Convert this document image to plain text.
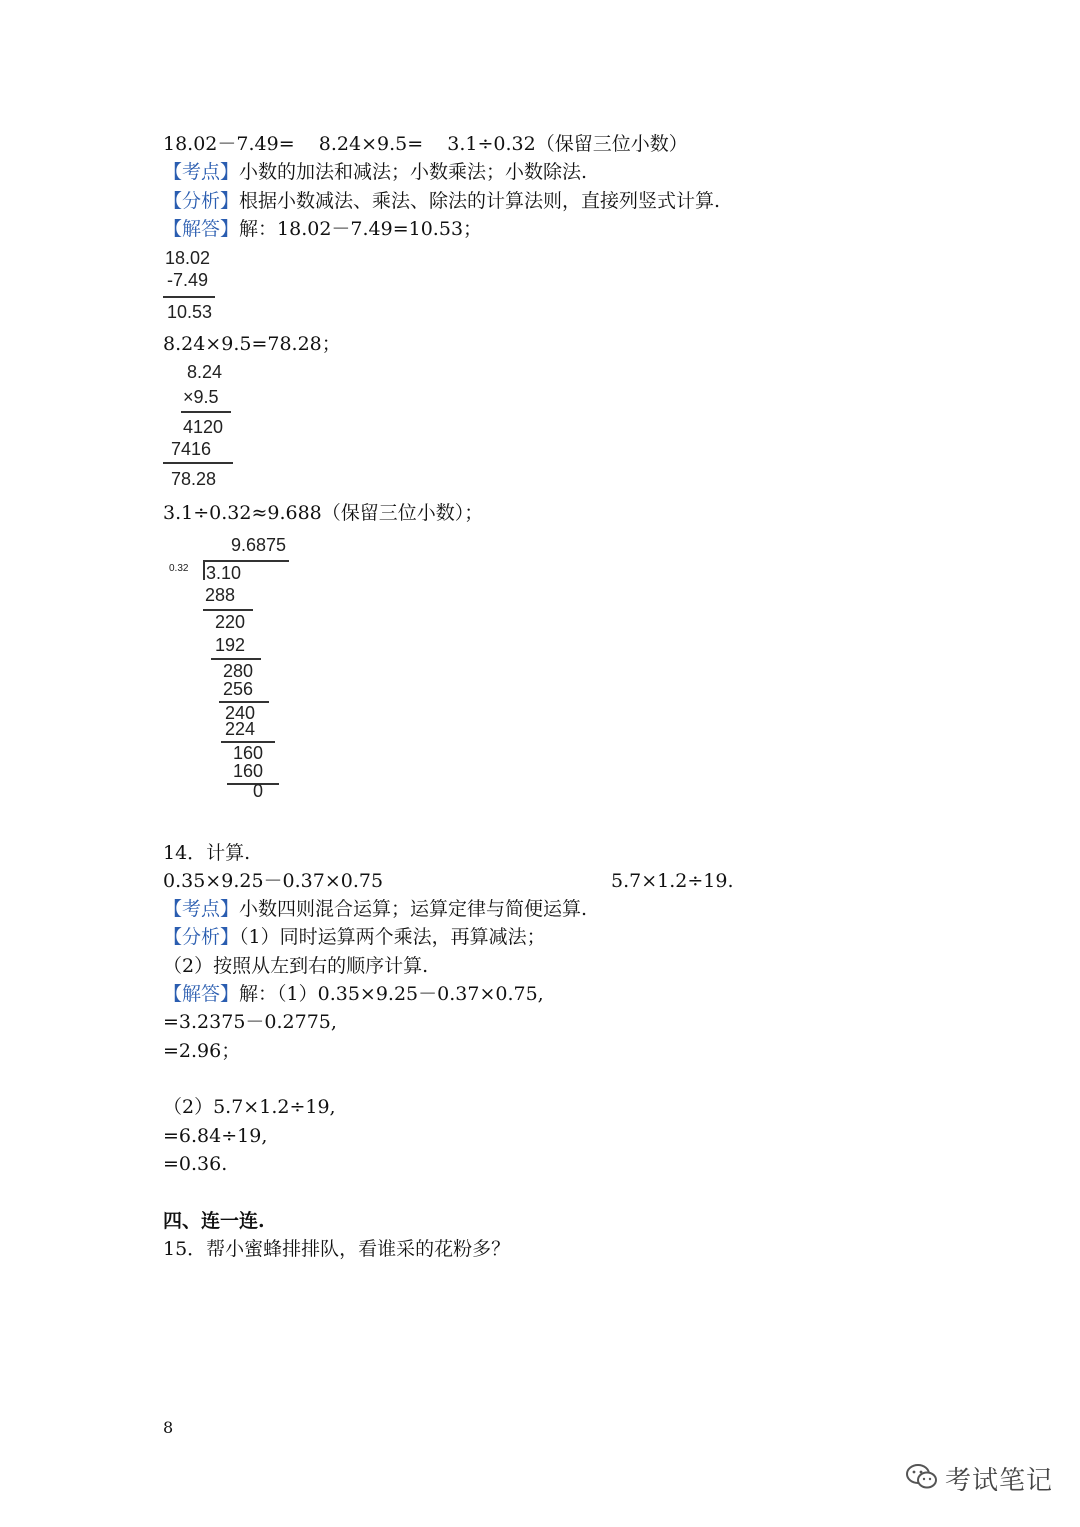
18.02－7.49=    8.24×9.5=    3.1÷0.32（保留三位小数）
【考点】小数的加法和减法；小数乘法；小数除法.
【分析】根据小数减法、乘法、除法的计算法则，直接列竖式计算.
【解答】解：18.02－7.49=10.53；
18.02
-7.49
10.53
8.24×9.5=78.28；
8.24
×9.5
4120
7416
78.28
3.1÷0.32≈9.688（保留三位小数）；
9.6875
0.32 3.10
288
220
192
280
256
240
224
160
160
0
14．计算.
0.35×9.25－0.37×0.75	5.7×1.2÷19.
【考点】小数四则混合运算；运算定律与简便运算.
【分析】（1）同时运算两个乘法，再算减法；
（2）按照从左到右的顺序计算.
【解答】解：（1）0.35×9.25－0.37×0.75,
=3.2375－0.2775,
=2.96；
（2）5.7×1.2÷19,
=6.84÷19,
=0.36.
四、连一连.
15．帮小蜜蜂排排队，看谁采的花粉多？
8
考试笔记
